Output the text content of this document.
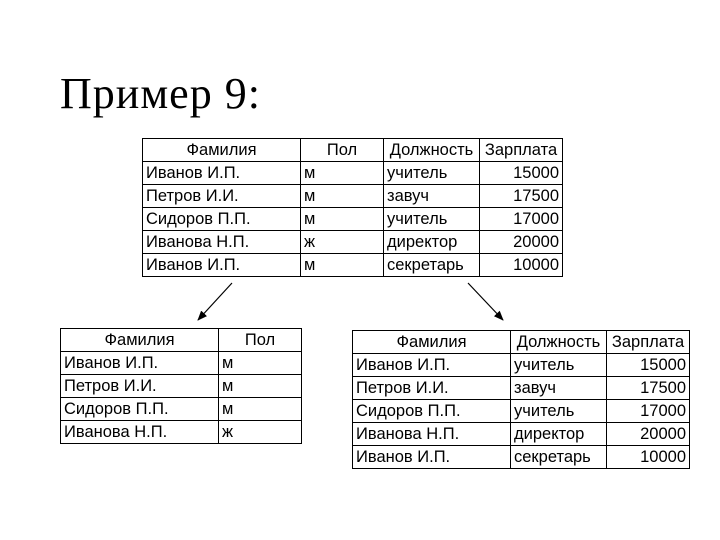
Пример 9:
Фамилия	Пол	Должность	Зарплата
Иванов И.П.	м	учитель	15000
Петров И.И.	м	завуч	17500
Сидоров П.П.	м	учитель	17000
Иванова Н.П.	ж	директор	20000
Иванов И.П.	м	секретарь	10000
Фамилия	Пол
Иванов И.П.	м
Петров И.И.	м
Сидоров П.П.	м
Иванова Н.П.	ж
Фамилия	Должность	Зарплата
Иванов И.П.	учитель	15000
Петров И.И.	завуч	17500
Сидоров П.П.	учитель	17000
Иванова Н.П.	директор	20000
Иванов И.П.	секретарь	10000
